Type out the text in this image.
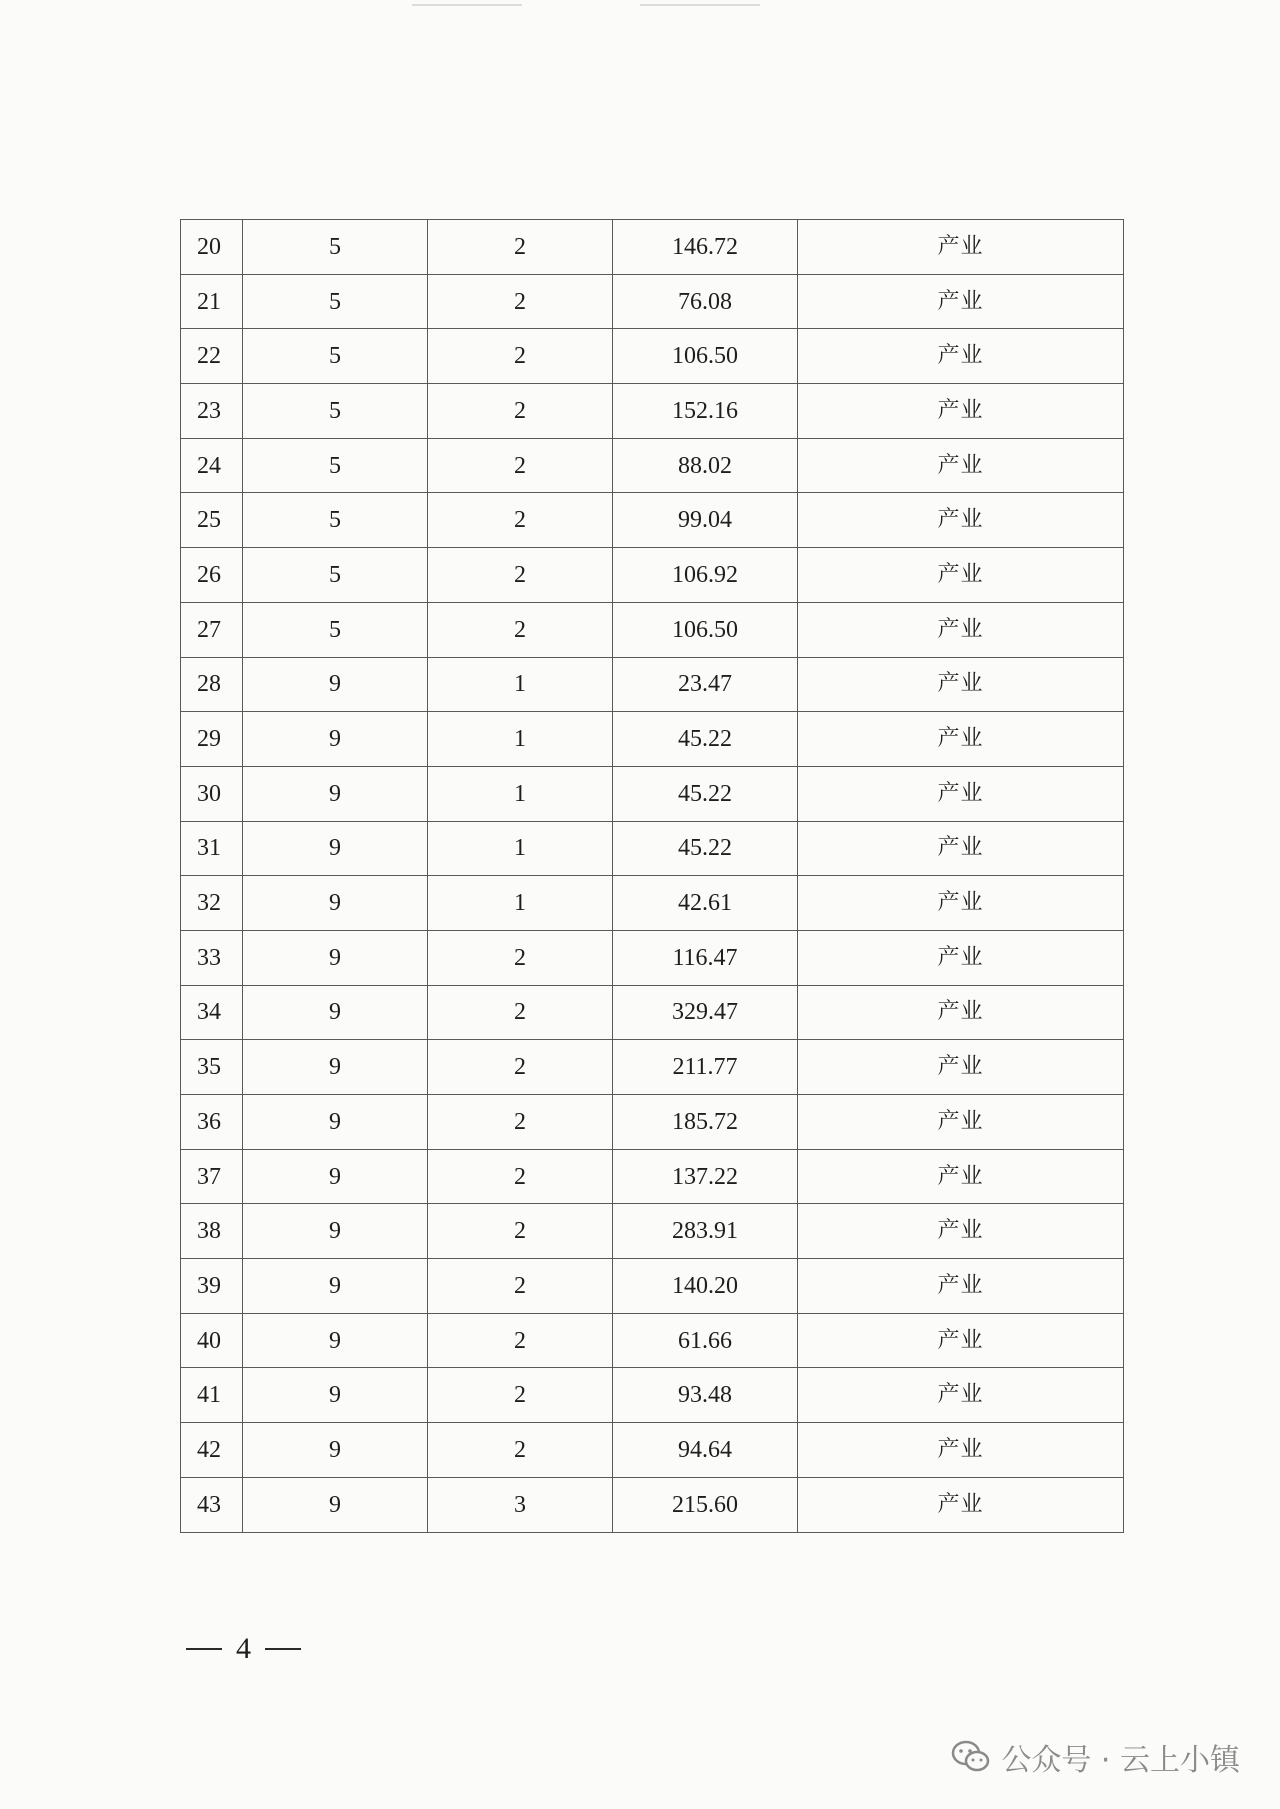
20	5	2	146.72	产业
21	5	2	76.08	产业
22	5	2	106.50	产业
23	5	2	152.16	产业
24	5	2	88.02	产业
25	5	2	99.04	产业
26	5	2	106.92	产业
27	5	2	106.50	产业
28	9	1	23.47	产业
29	9	1	45.22	产业
30	9	1	45.22	产业
31	9	1	45.22	产业
32	9	1	42.61	产业
33	9	2	116.47	产业
34	9	2	329.47	产业
35	9	2	211.77	产业
36	9	2	185.72	产业
37	9	2	137.22	产业
38	9	2	283.91	产业
39	9	2	140.20	产业
40	9	2	61.66	产业
41	9	2	93.48	产业
42	9	2	94.64	产业
43	9	3	215.60	产业
4
公众号 · 云上小镇
